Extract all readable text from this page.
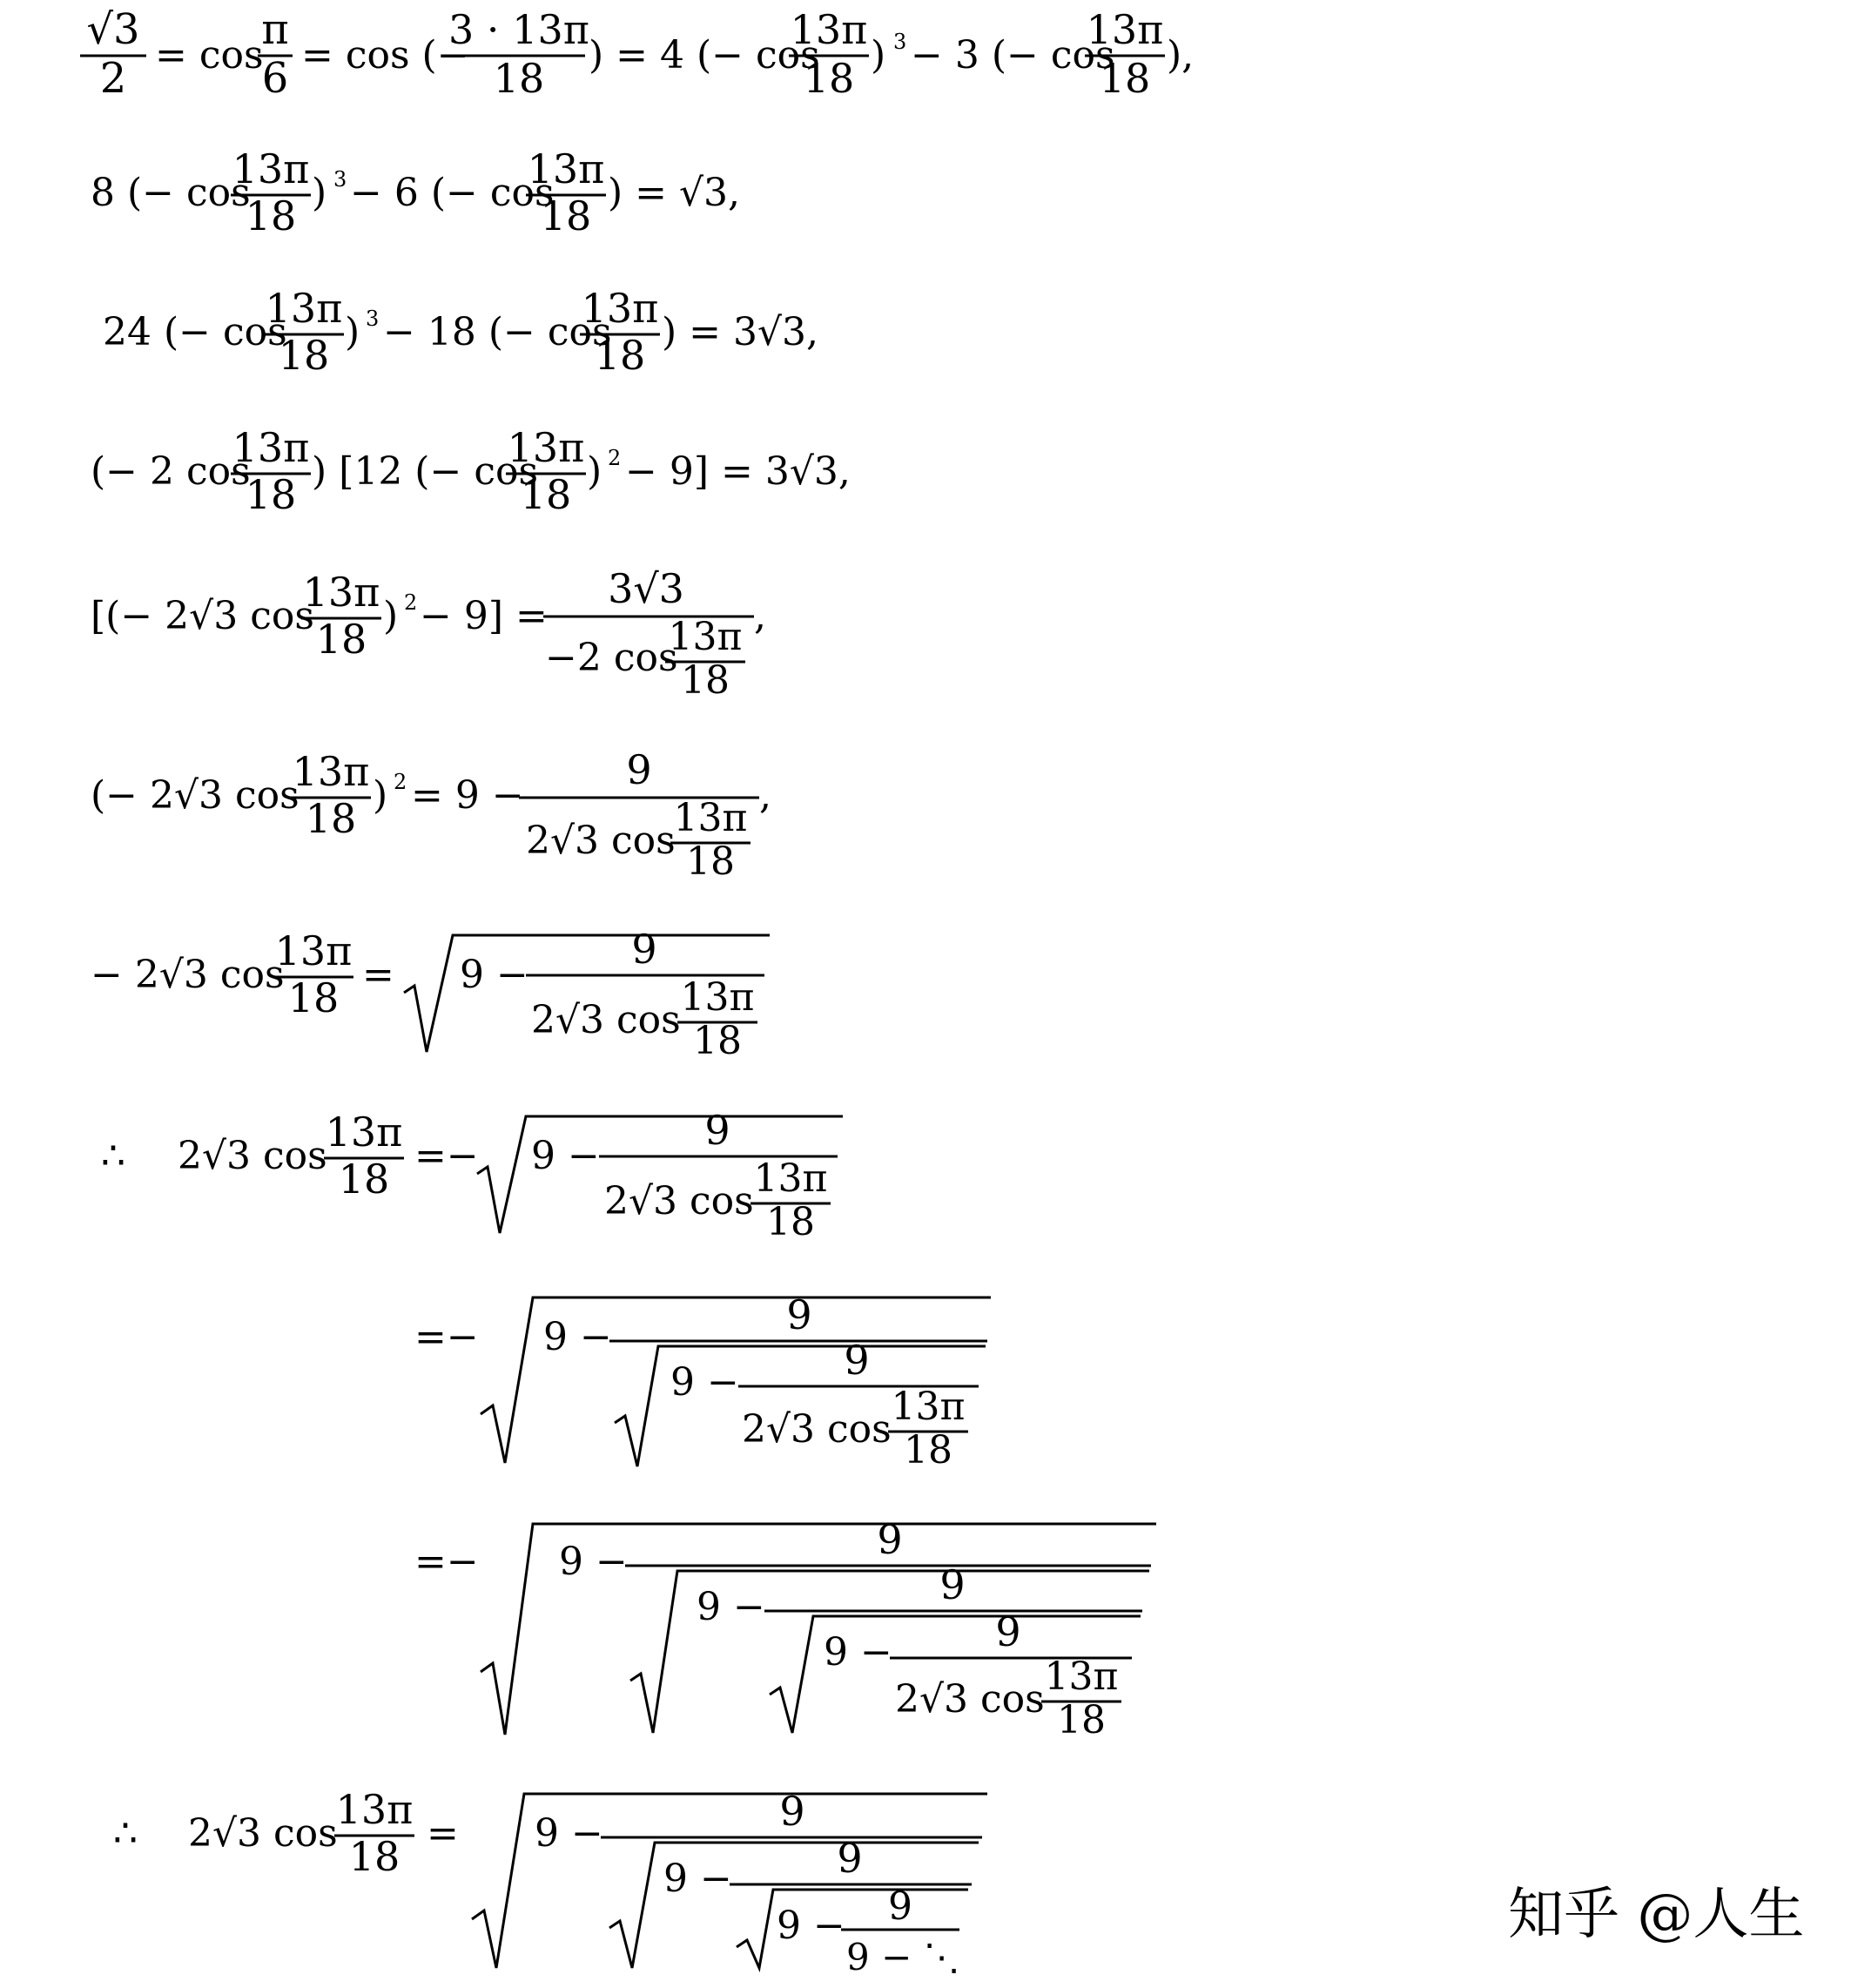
√3
2 = cos
π
6 = cos (−
3 · 13π
18 ) = 4 (− cos
13π
18 ) 3 − 3 (− cos
13π
18 ),
8 (− cos
13π
18 ) 3 − 6 (− cos
13π
18 ) = √3,
24 (− cos
13π
18 ) 3 − 18 (− cos
13π
18 ) = 3√3,
(− 2 cos
13π
18 ) [12 (− cos
13π
18 ) 2 − 9] = 3√3,
[(− 2√3 cos
13π
18 ) 2 − 9] =
3√3
−2 cos
13π
18
,
(− 2√3 cos
13π
18 ) 2 = 9 −
9
2√3 cos
13π
18
,
− 2√3 cos
13π
18 = 9 −
9
2√3 cos
13π
18
∴ 2√3 cos
13π
18 =− 9 −
9
2√3 cos
13π
18
=− 9 −	9
9 −	9
2√3 cos
13π
18
=− 9 −	9
9 −	9
9 −	9
2√3 cos
13π
18
∴ 2√3 cos
13π
18 = 9 −	9
9 −	9
9 − 9
9 − ⋱
知乎 @人生
